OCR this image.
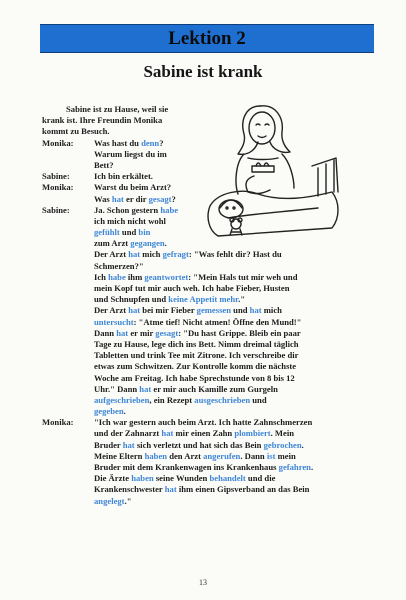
Lektion 2
Sabine ist krank
Sabine ist zu Hause, weil sie
krank ist. Ihre Freundin Monika
kommt zu Besuch.
Monika: Was hast du denn?
Warum liegst du im
Bett?
Sabine:	Ich bin erkältet.
Monika: Warst du beim Arzt?
Was hat er dir gesagt?
Sabine:	Ja. Schon gestern habe
ich mich nicht wohl
gefühlt und bin
zum Arzt gegangen.
Der Arzt hat mich gefragt: "Was fehlt dir? Hast du
Schmerzen?"
Ich habe ihm geantwortet: "Mein Hals tut mir weh und
mein Kopf tut mir auch weh. Ich habe Fieber, Husten
und Schnupfen und keine Appetit mehr."
Der Arzt hat bei mir Fieber gemessen und hat mich
untersucht: "Atme tief! Nicht atmen! Öffne den Mund!"
Dann hat er mir gesagt: "Du hast Grippe. Bleib ein paar
Tage zu Hause, lege dich ins Bett. Nimm dreimal täglich
Tabletten und trink Tee mit Zitrone. Ich verschreibe dir
etwas zum Schwitzen. Zur Kontrolle komm die nächste
Woche am Freitag. Ich habe Sprechstunde von 8 bis 12
Uhr." Dann hat er mir auch Kamille zum Gurgeln
aufgeschrieben, ein Rezept ausgeschrieben und
gegeben.
Monika: "Ich war gestern auch beim Arzt. Ich hatte Zahnschmerzen
und der Zahnarzt hat mir einen Zahn plombiert. Mein
Bruder hat sich verletzt und hat sich das Bein gebrochen.
Meine Eltern haben den Arzt angerufen. Dann ist mein
Bruder mit dem Krankenwagen ins Krankenhaus gefahren.
Die Ärzte haben seine Wunden behandelt und die
Krankenschwester hat ihm einen Gipsverband an das Bein
angelegt."
13
